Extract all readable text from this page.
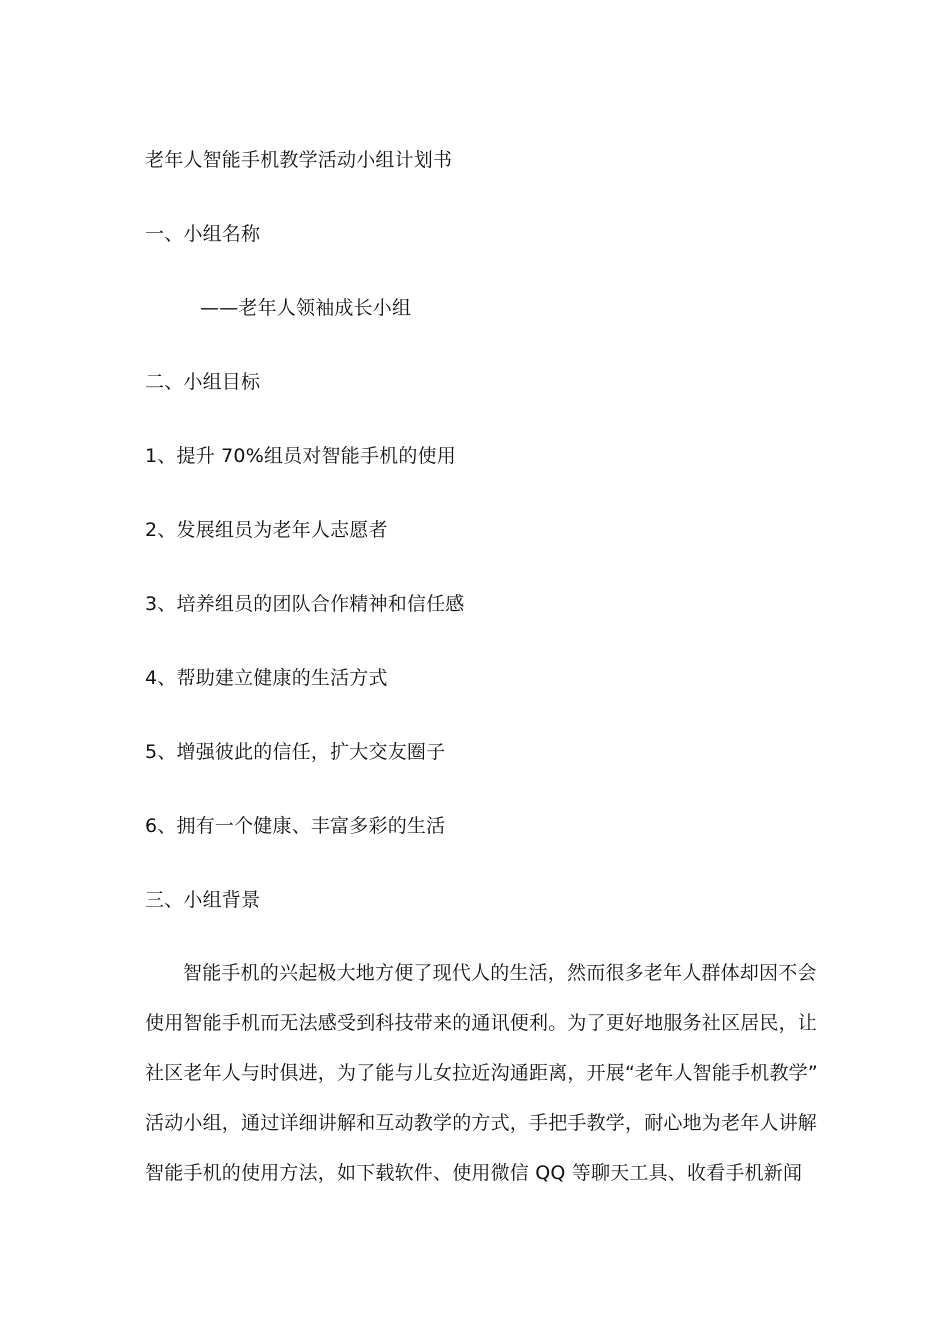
老年人智能手机教学活动小组计划书
一、小组名称
——老年人领袖成长小组
二、小组目标
1、提升 70%组员对智能手机的使用
2、发展组员为老年人志愿者
3、培养组员的团队合作精神和信任感
4、帮助建立健康的生活方式
5、增强彼此的信任，扩大交友圈子
6、拥有一个健康、丰富多彩的生活
三、小组背景
智能手机的兴起极大地方便了现代人的生活，然而很多老年人群体却因不会
使用智能手机而无法感受到科技带来的通讯便利。为了更好地服务社区居民，让
社区老年人与时俱进，为了能与儿女拉近沟通距离，开展“老年人智能手机教学”
活动小组，通过详细讲解和互动教学的方式，手把手教学，耐心地为老年人讲解
智能手机的使用方法，如下载软件、使用微信 QQ 等聊天工具、收看手机新闻
